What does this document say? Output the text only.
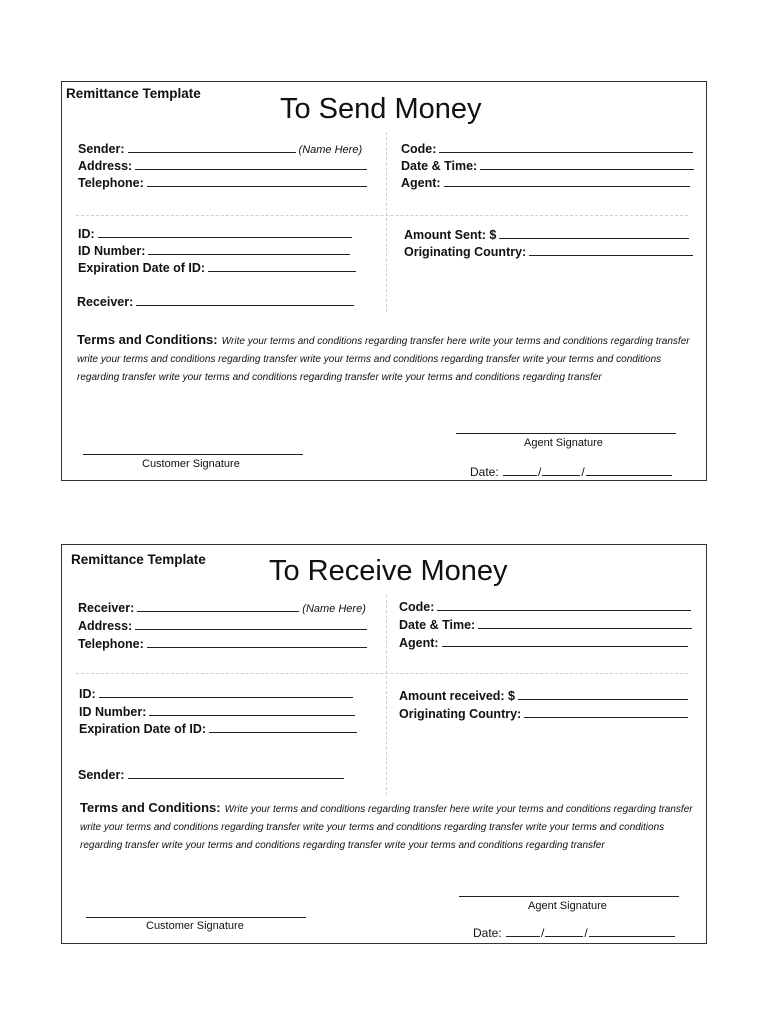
Remittance Template	To Send Money
Sender:	(Name Here)
Address:
Telephone:
Code:
Date & Time:
Agent:
ID:
ID Number:
Expiration Date of ID:
Amount Sent: $
Originating Country:
Receiver:
Terms and Conditions: Write your terms and conditions regarding transfer here write your terms and conditions regarding transfer write your terms and conditions regarding transfer write your terms and conditions regarding transfer write your terms and conditions regarding transfer write your terms and conditions regarding transfer write your terms and conditions regarding transfer
Agent Signature
Customer Signature
Date:	/	/
Remittance Template To Receive Money
Receiver:	(Name Here)
Address:
Telephone:
Code:
Date & Time:
Agent:
ID:
ID Number:
Expiration Date of ID:
Amount received: $
Originating Country:
Sender:
Terms and Conditions: Write your terms and conditions regarding transfer here write your terms and conditions regarding transfer write your terms and conditions regarding transfer write your terms and conditions regarding transfer write your terms and conditions regarding transfer write your terms and conditions regarding transfer write your terms and conditions regarding transfer
Agent Signature
Customer Signature	Date:	/	/
